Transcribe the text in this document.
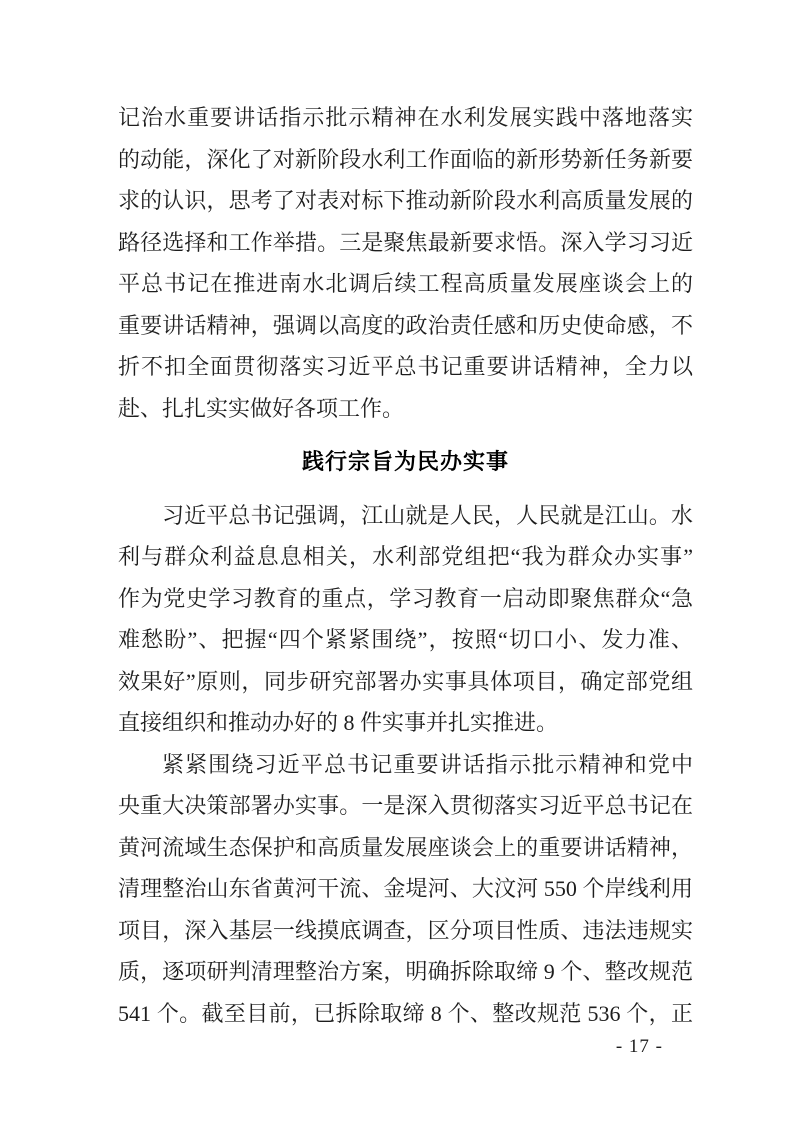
记治水重要讲话指示批示精神在水利发展实践中落地落实
的动能，深化了对新阶段水利工作面临的新形势新任务新要
求的认识，思考了对表对标下推动新阶段水利高质量发展的
路径选择和工作举措。三是聚焦最新要求悟。深入学习习近
平总书记在推进南水北调后续工程高质量发展座谈会上的
重要讲话精神，强调以高度的政治责任感和历史使命感，不
折不扣全面贯彻落实习近平总书记重要讲话精神，全力以
赴、扎扎实实做好各项工作。
践行宗旨为民办实事
习近平总书记强调，江山就是人民，人民就是江山。水
利与群众利益息息相关，水利部党组把“我为群众办实事”
作为党史学习教育的重点，学习教育一启动即聚焦群众“急
难愁盼”、把握“四个紧紧围绕”，按照“切口小、发力准、
效果好”原则，同步研究部署办实事具体项目，确定部党组
直接组织和推动办好的 8 件实事并扎实推进。
紧紧围绕习近平总书记重要讲话指示批示精神和党中
央重大决策部署办实事。一是深入贯彻落实习近平总书记在
黄河流域生态保护和高质量发展座谈会上的重要讲话精神，
清理整治山东省黄河干流、金堤河、大汶河 550 个岸线利用
项目，深入基层一线摸底调查，区分项目性质、违法违规实
质，逐项研判清理整治方案，明确拆除取缔 9 个、整改规范
541 个。截至目前，已拆除取缔 8 个、整改规范 536 个，正
- 17 -
